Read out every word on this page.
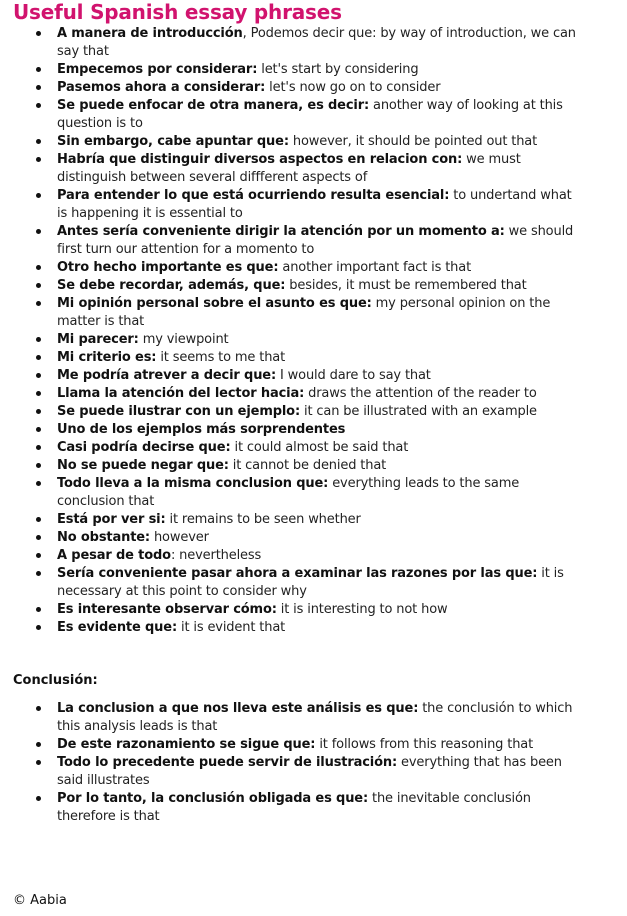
Useful Spanish essay phrases
A manera de introducción, Podemos decir que: by way of introduction, we can say that
Empecemos por considerar: let's start by considering
Pasemos ahora a considerar: let's now go on to consider
Se puede enfocar de otra manera, es decir: another way of looking at this question is to
Sin embargo, cabe apuntar que: however, it should be pointed out that
Habría que distinguir diversos aspectos en relacion con: we must distinguish between several diffferent aspects of
Para entender lo que está ocurriendo resulta esencial: to undertand what is happening it is essential to
Antes sería conveniente dirigir la atención por un momento a: we should first turn our attention for a momento to
Otro hecho importante es que: another important fact is that
Se debe recordar, además, que: besides, it must be remembered that
Mi opinión personal sobre el asunto es que: my personal opinion on the matter is that
Mi parecer: my viewpoint
Mi criterio es: it seems to me that
Me podría atrever a decir que: I would dare to say that
Llama la atención del lector hacia: draws the attention of the reader to
Se puede ilustrar con un ejemplo: it can be illustrated with an example
Uno de los ejemplos más sorprendentes
Casi podría decirse que: it could almost be said that
No se puede negar que: it cannot be denied that
Todo lleva a la misma conclusion que: everything leads to the same conclusion that
Está por ver si: it remains to be seen whether
No obstante: however
A pesar de todo: nevertheless
Sería conveniente pasar ahora a examinar las razones por las que: it is necessary at this point to consider why
Es interesante observar cómo: it is interesting to not how
Es evidente que: it is evident that
Conclusión:
La conclusion a que nos lleva este análisis es que: the conclusión to which this analysis leads is that
De este razonamiento se sigue que: it follows from this reasoning that
Todo lo precedente puede servir de ilustración: everything that has been said illustrates
Por lo tanto, la conclusión obligada es que: the inevitable conclusión therefore is that
© Aabia
